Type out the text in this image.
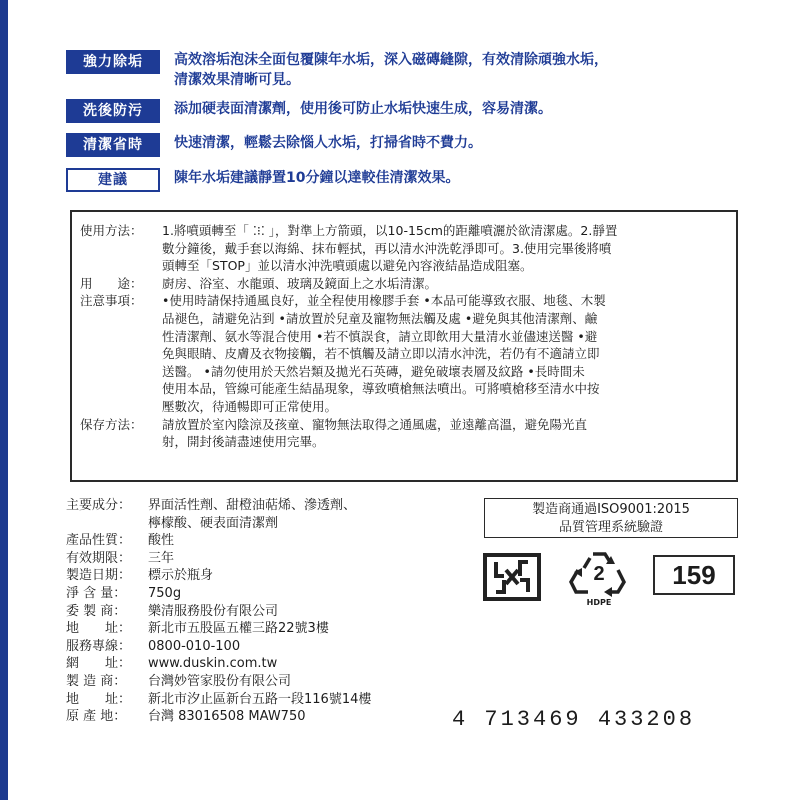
強力除垢	高效溶垢泡沫全面包覆陳年水垢，深入磁磚縫隙，有效清除頑強水垢，
清潔效果清晰可見。
洗後防污	添加硬表面清潔劑，使用後可防止水垢快速生成，容易清潔。
清潔省時	快速清潔，輕鬆去除惱人水垢，打掃省時不費力。
建議	陳年水垢建議靜置10分鐘以達較佳清潔效果。
使用方法：	1.將噴頭轉至「 ⁚⁝⁚ 」，對準上方箭頭，以10-15cm的距離噴灑於欲清潔處。2.靜置
數分鐘後，戴手套以海綿、抹布輕拭，再以清水沖洗乾淨即可。3.使用完畢後將噴
頭轉至「STOP」並以清水沖洗噴頭處以避免內容液結晶造成阻塞。
用　　途：	廚房、浴室、水龍頭、玻璃及鏡面上之水垢清潔。
注意事項：	•使用時請保持通風良好，並全程使用橡膠手套 •本品可能導致衣服、地毯、木製
品褪色，請避免沾到 •請放置於兒童及寵物無法觸及處 •避免與其他清潔劑、鹼
性清潔劑、氨水等混合使用 •若不慎誤食，請立即飲用大量清水並儘速送醫 •避
免與眼睛、皮膚及衣物接觸，若不慎觸及請立即以清水沖洗，若仍有不適請立即
送醫。 •請勿使用於天然岩類及拋光石英磚，避免破壞表層及紋路 •長時間未
使用本品，管線可能產生結晶現象，導致噴槍無法噴出。可將噴槍移至清水中按
壓數次，待通暢即可正常使用。
保存方法：	請放置於室內陰涼及孩童、寵物無法取得之通風處，並遠離高溫，避免陽光直
射，開封後請盡速使用完畢。
主要成分：	界面活性劑、甜橙油萜烯、滲透劑、
檸檬酸、硬表面清潔劑
產品性質：	酸性
有效期限：	三年
製造日期：	標示於瓶身
淨 含 量：	750g
委 製 商：	樂清服務股份有限公司
地　　址：	新北市五股區五權三路22號3樓
服務專線：	0800-010-100
網　　址：	www.duskin.com.tw
製 造 商：	台灣妙管家股份有限公司
地　　址：	新北市汐止區新台五路一段116號14樓
原 產 地：	台灣 83016508 MAW750
製造商通過ISO9001:2015
品質管理系統驗證
2
HDPE
159
4 713469 433208
